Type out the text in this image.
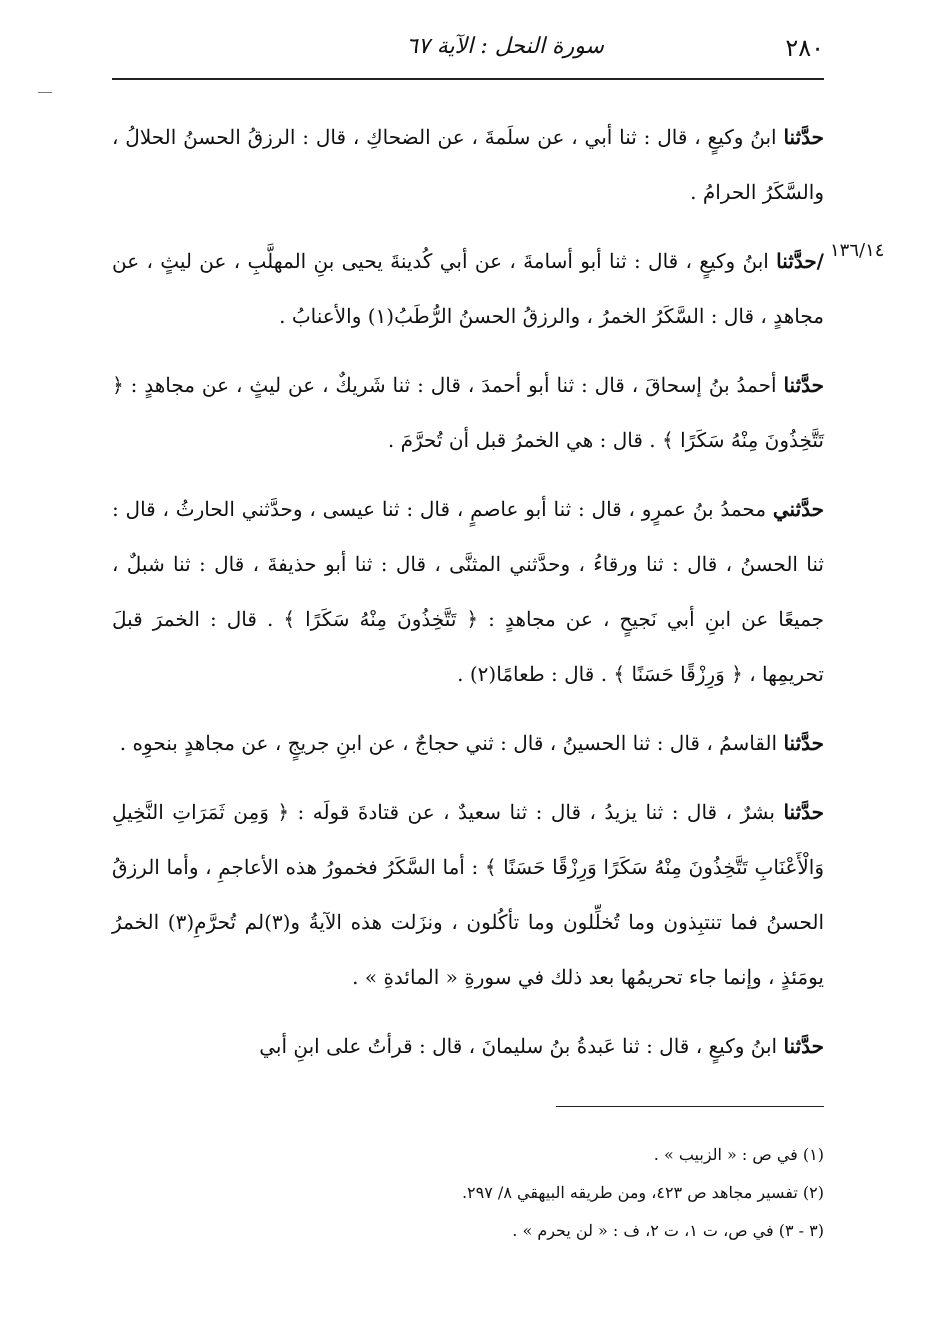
٢٨٠
سورة النحل : الآية ٦٧
١٣٦/١٤

حدَّثنا ابنُ وكيعٍ ، قال : ثنا أبي ، عن سلَمةَ ، عن الضحاكِ ، قال : الرزقُ الحسنُ الحلالُ ، والسَّكَرُ الحرامُ .

/حدَّثنا ابنُ وكيعٍ ، قال : ثنا أبو أسامةَ ، عن أبي كُدينةَ يحيى بنِ المهلَّبِ ، عن ليثٍ ، عن مجاهدٍ ، قال : السَّكَرُ الخمرُ ، والرزقُ الحسنُ الرُّطَبُ(١) والأعنابُ .

حدَّثنا أحمدُ بنُ إسحاقَ ، قال : ثنا أبو أحمدَ ، قال : ثنا شَريكٌ ، عن ليثٍ ، عن مجاهدٍ : ﴿ تَتَّخِذُونَ مِنْهُ سَكَرًا ﴾ . قال : هي الخمرُ قبل أن تُحرَّمَ .

حدَّثني محمدُ بنُ عمرٍو ، قال : ثنا أبو عاصمٍ ، قال : ثنا عيسى ، وحدَّثني الحارثُ ، قال : ثنا الحسنُ ، قال : ثنا ورقاءُ ، وحدَّثني المثنَّى ، قال : ثنا أبو حذيفةَ ، قال : ثنا شبلٌ ، جميعًا عن ابنِ أبي نَجيحٍ ، عن مجاهدٍ : ﴿ تَتَّخِذُونَ مِنْهُ سَكَرًا ﴾ . قال : الخمرَ قبلَ تحريمِها ، ﴿ وَرِزْقًا حَسَنًا ﴾ . قال : طعامًا(٢) .

حدَّثنا القاسمُ ، قال : ثنا الحسينُ ، قال : ثني حجاجٌ ، عن ابنِ جريجٍ ، عن مجاهدٍ بنحوِه .

حدَّثنا بشرٌ ، قال : ثنا يزيدُ ، قال : ثنا سعيدٌ ، عن قتادةَ قولَه : ﴿ وَمِن ثَمَرَاتِ النَّخِيلِ وَالْأَعْنَابِ تَتَّخِذُونَ مِنْهُ سَكَرًا وَرِزْقًا حَسَنًا ﴾ : أما السَّكَرُ فخمورُ هذه الأعاجمِ ، وأما الرزقُ الحسنُ فما تنتبِذون وما تُخلِّلون وما تأكُلون ، ونزَلت هذه الآيةُ و(٣)لم تُحرَّمِ(٣) الخمرُ يومَئذٍ ، وإنما جاء تحريمُها بعد ذلك في سورةِ « المائدةِ » .

حدَّثنا ابنُ وكيعٍ ، قال : ثنا عَبدةُ بنُ سليمانَ ، قال : قرأتُ على ابنِ أبي

(١) في ص : « الزبيب » .

(٢) تفسير مجاهد ص ٤٢٣، ومن طريقه البيهقي ٨/ ٢٩٧.

(٣ - ٣) في ص، ت ١، ت ٢، ف : « لن يحرم » .
